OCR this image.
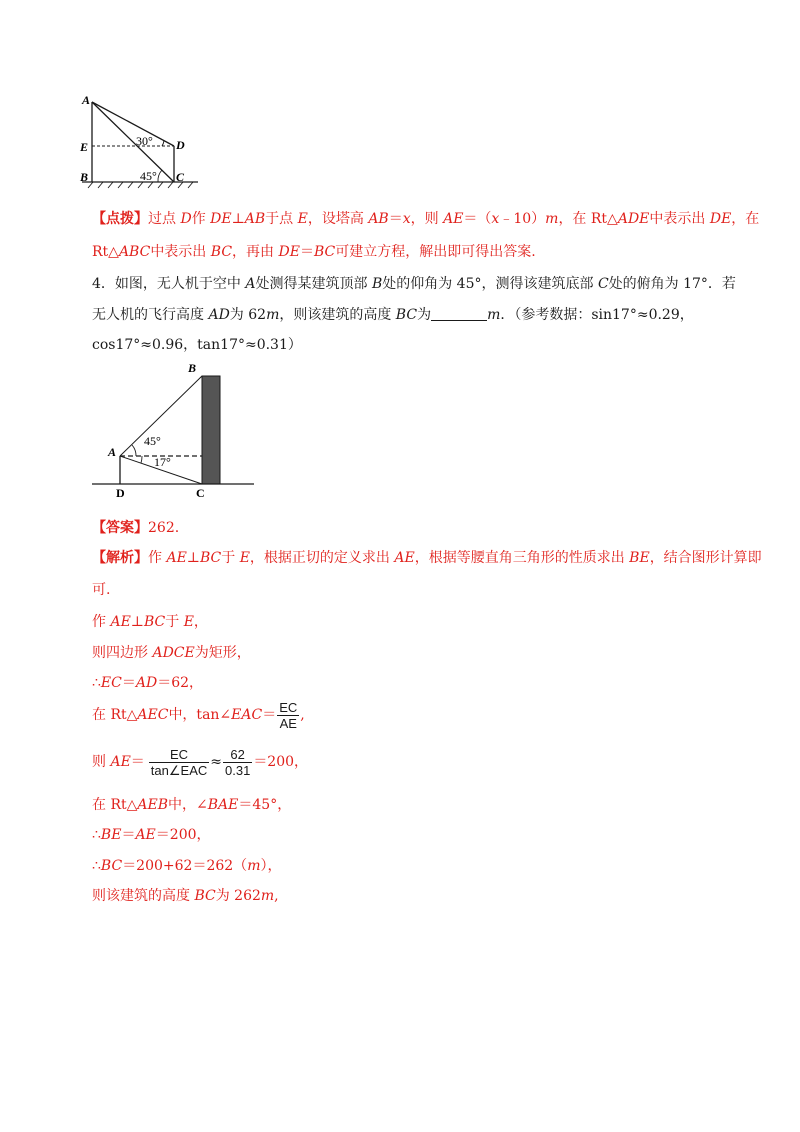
A
E
B
D
C
30°
45°
【点拨】过点 D作 DE⊥AB于点 E，设塔高 AB＝x，则 AE＝（x﹣10）m，在 Rt△ADE中表示出 DE，在
Rt△ABC中表示出 BC，再由 DE＝BC可建立方程，解出即可得出答案.
4．如图，无人机于空中 A处测得某建筑顶部 B处的仰角为 45°，测得该建筑底部 C处的俯角为 17°．若
无人机的飞行高度 AD为 62m，则该建筑的高度 BC为	m．（参考数据：sin17°≈0.29，
cos17°≈0.96，tan17°≈0.31）
B
A
D	C
45°
17°
【答案】262.
【解析】作 AE⊥BC于 E，根据正切的定义求出 AE，根据等腰直角三角形的性质求出 BE，结合图形计算即
可.
作 AE⊥BC于 E，
则四边形 ADCE为矩形，
∴EC＝AD＝62，
在 Rt△AEC中，tan∠EAC＝ $\frac{EC}{AE}$ ,
则 $AE= \frac{EC}{\text{tan∠EAC}} \approx \frac{62}{0.31} =200$，
在 Rt△AEB中，∠BAE＝45°，
∴BE＝AE＝200，
∴BC＝200+62＝262（m），
则该建筑的高度 BC为 262m,
